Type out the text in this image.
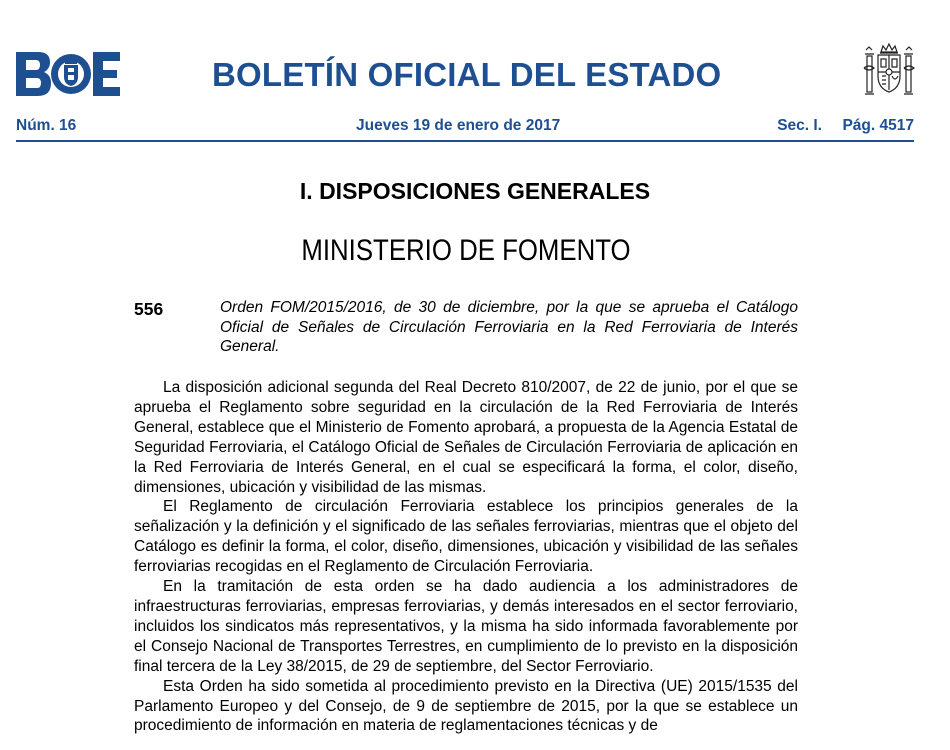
BOLETÍN OFICIAL DEL ESTADO
Núm. 16	Jueves 19 de enero de 2017	Sec. I. Pág. 4517
I. DISPOSICIONES GENERALES
MINISTERIO DE FOMENTO
556	Orden FOM/2015/2016, de 30 de diciembre, por la que se aprueba el Catálogo Oficial de Señales de Circulación Ferroviaria en la Red Ferroviaria de Interés General.

La disposición adicional segunda del Real Decreto 810/2007, de 22 de junio, por el que se aprueba el Reglamento sobre seguridad en la circulación de la Red Ferroviaria de Interés General, establece que el Ministerio de Fomento aprobará, a propuesta de la Agencia Estatal de Seguridad Ferroviaria, el Catálogo Oficial de Señales de Circulación Ferroviaria de aplicación en la Red Ferroviaria de Interés General, en el cual se especificará la forma, el color, diseño, dimensiones, ubicación y visibilidad de las mismas.

El Reglamento de circulación Ferroviaria establece los principios generales de la señalización y la definición y el significado de las señales ferroviarias, mientras que el objeto del Catálogo es definir la forma, el color, diseño, dimensiones, ubicación y visibilidad de las señales ferroviarias recogidas en el Reglamento de Circulación Ferroviaria.

En la tramitación de esta orden se ha dado audiencia a los administradores de infraestructuras ferroviarias, empresas ferroviarias, y demás interesados en el sector ferroviario, incluidos los sindicatos más representativos, y la misma ha sido informada favorablemente por el Consejo Nacional de Transportes Terrestres, en cumplimiento de lo previsto en la disposición final tercera de la Ley 38/2015, de 29 de septiembre, del Sector Ferroviario.

Esta Orden ha sido sometida al procedimiento previsto en la Directiva (UE) 2015/1535 del Parlamento Europeo y del Consejo, de 9 de septiembre de 2015, por la que se establece un procedimiento de información en materia de reglamentaciones técnicas y de
